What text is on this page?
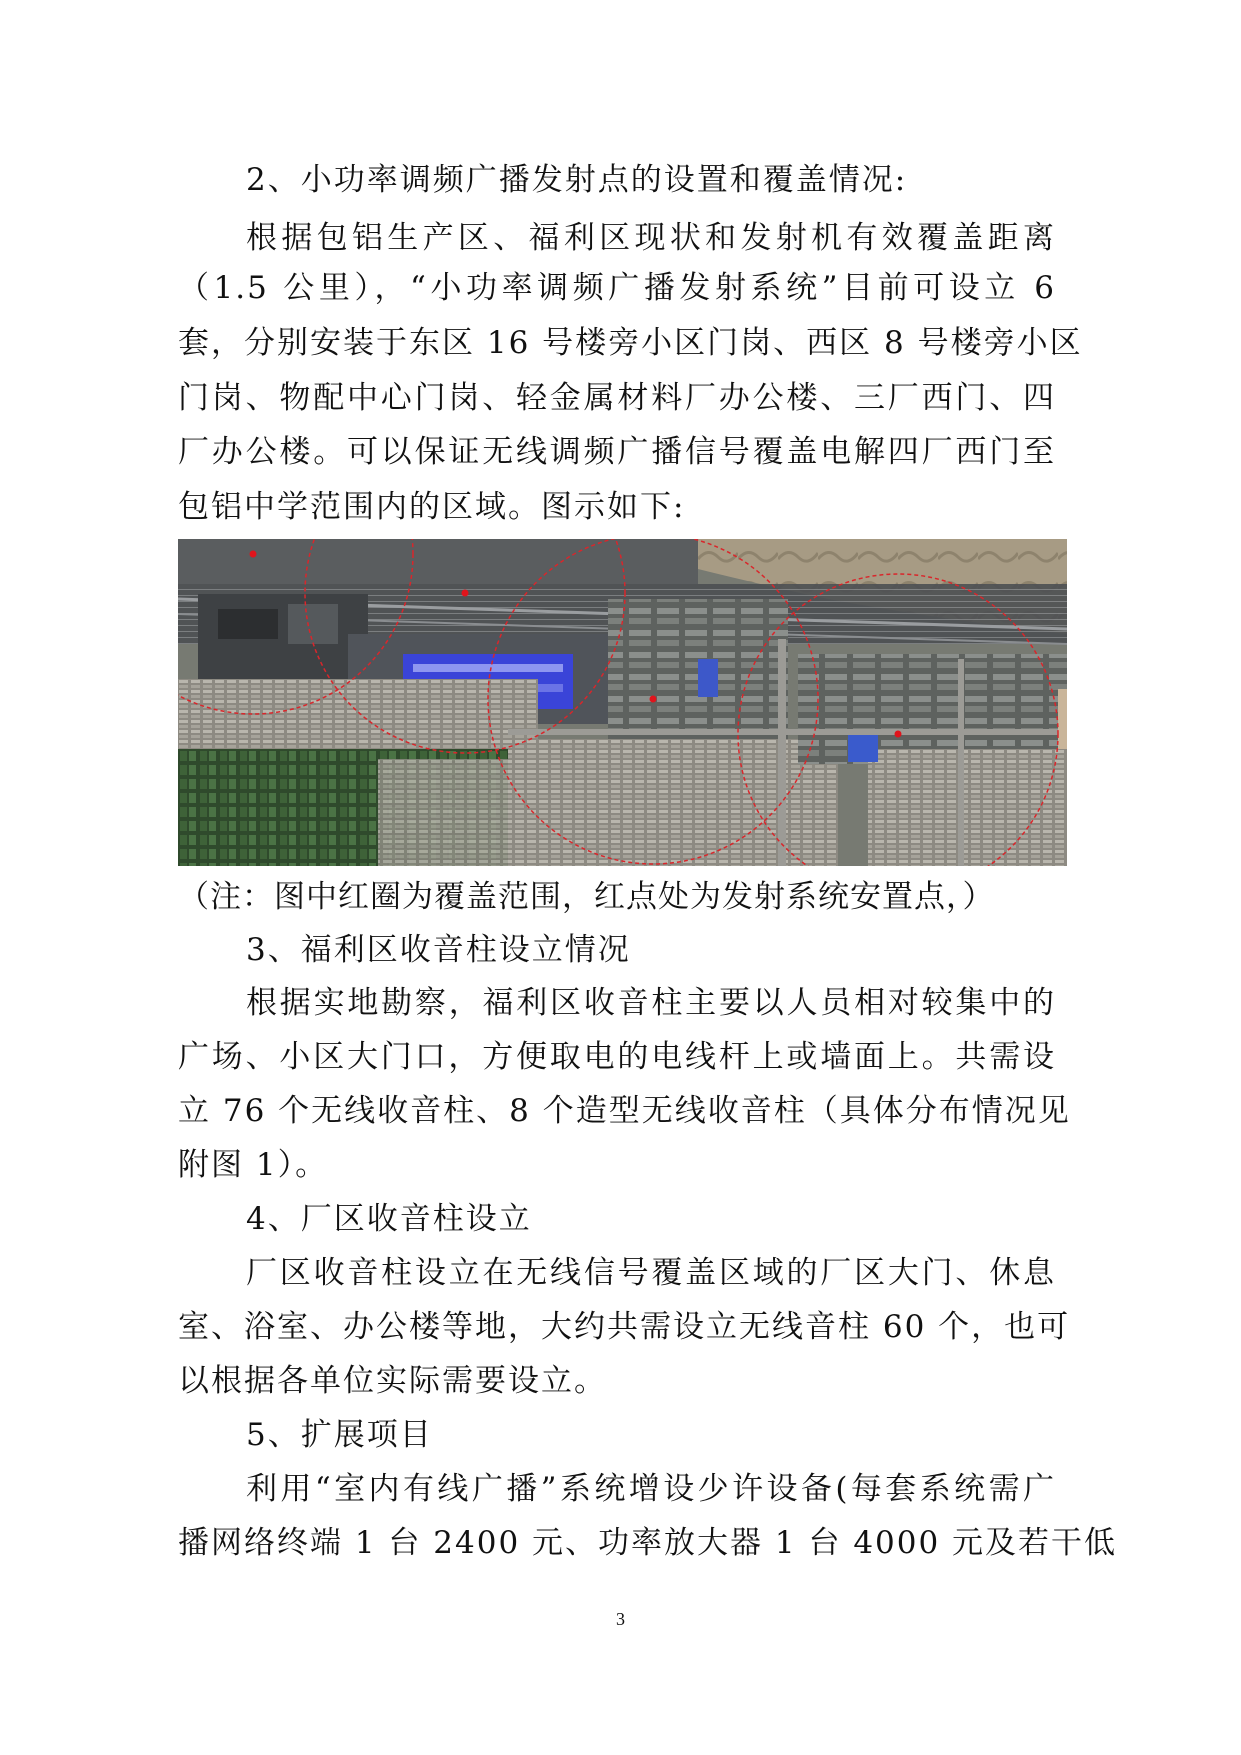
2、小功率调频广播发射点的设置和覆盖情况:
根据包铝生产区、福利区现状和发射机有效覆盖距离
（1.5 公里），“小功率调频广播发射系统”目前可设立 6
套，分别安装于东区 16 号楼旁小区门岗、西区 8 号楼旁小区
门岗、物配中心门岗、轻金属材料厂办公楼、三厂西门、四
厂办公楼。可以保证无线调频广播信号覆盖电解四厂西门至
包铝中学范围内的区域。图示如下:
（注：图中红圈为覆盖范围，红点处为发射系统安置点，）
3、福利区收音柱设立情况
根据实地勘察，福利区收音柱主要以人员相对较集中的
广场、小区大门口，方便取电的电线杆上或墙面上。共需设
立 76 个无线收音柱、8 个造型无线收音柱（具体分布情况见
附图 1）。
4、厂区收音柱设立
厂区收音柱设立在无线信号覆盖区域的厂区大门、休息
室、浴室、办公楼等地，大约共需设立无线音柱 60 个，也可
以根据各单位实际需要设立。
5、扩展项目
利用“室内有线广播”系统增设少许设备(每套系统需广
播网络终端 1 台 2400 元、功率放大器 1 台 4000 元及若干低
3
